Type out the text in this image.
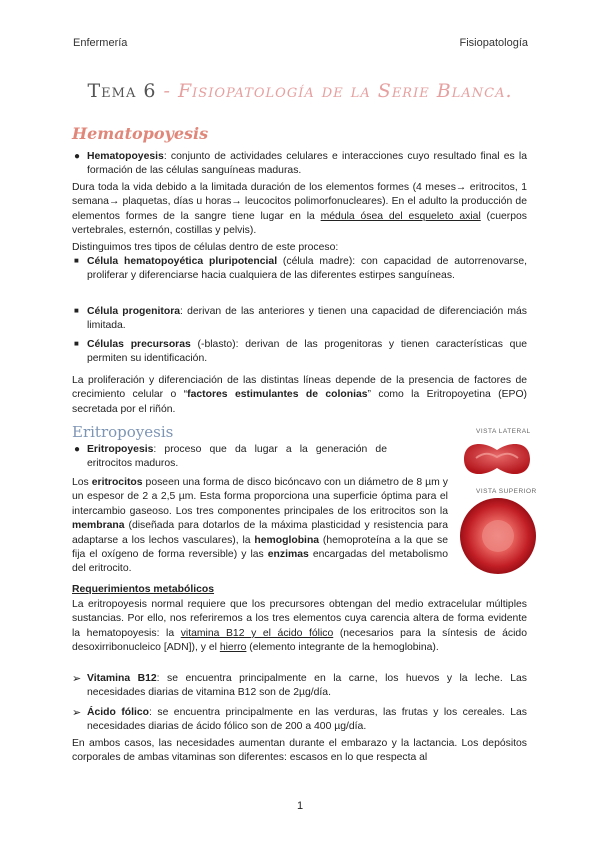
Enfermería	Fisiopatología
Tema 6 - Fisiopatología de la Serie Blanca.
Hematopoyesis
● Hematopoyesis: conjunto de actividades celulares e interacciones cuyo resultado final es la formación de las células sanguíneas maduras.
Dura toda la vida debido a la limitada duración de los elementos formes (4 meses→ eritrocitos, 1 semana→ plaquetas, días u horas→ leucocitos polimorfonucleares). En el adulto la producción de elementos formes de la sangre tiene lugar en la médula ósea del esqueleto axial (cuerpos vertebrales, esternón, costillas y pelvis).
Distinguimos tres tipos de células dentro de este proceso:
■ Célula hematopoyética pluripotencial (célula madre): con capacidad de autorrenovarse, proliferar y diferenciarse hacia cualquiera de las diferentes estirpes sanguíneas.
■ Célula progenitora: derivan de las anteriores y tienen una capacidad de diferenciación más limitada.
■ Células precursoras (-blasto): derivan de las progenitoras y tienen características que permiten su identificación.
La proliferación y diferenciación de las distintas líneas depende de la presencia de factores de crecimiento celular o “factores estimulantes de colonias” como la Eritropoyetina (EPO) secretada por el riñón.
Eritropoyesis
● Eritropoyesis: proceso que da lugar a la generación de eritrocitos maduros.
Los eritrocitos poseen una forma de disco bicóncavo con un diámetro de 8 µm y un espesor de 2 a 2,5 µm. Esta forma proporciona una superficie óptima para el intercambio gaseoso. Los tres componentes principales de los eritrocitos son la membrana (diseñada para dotarlos de la máxima plasticidad y resistencia para adaptarse a los lechos vasculares), la hemoglobina (hemoproteína a la que se fija el oxígeno de forma reversible) y las enzimas encargadas del metabolismo del eritrocito.
VISTA LATERAL
VISTA SUPERIOR
Requerimientos metabólicos
La eritropoyesis normal requiere que los precursores obtengan del medio extracelular múltiples sustancias. Por ello, nos referiremos a los tres elementos cuya carencia altera de forma evidente la hematopoyesis: la vitamina B12 y el ácido fólico (necesarios para la síntesis de ácido desoxirribonucleico [ADN]), y el hierro (elemento integrante de la hemoglobina).
➢ Vitamina B12: se encuentra principalmente en la carne, los huevos y la leche. Las necesidades diarias de vitamina B12 son de 2µg/día.
➢ Ácido fólico: se encuentra principalmente en las verduras, las frutas y los cereales. Las necesidades diarias de ácido fólico son de 200 a 400 µg/día.
En ambos casos, las necesidades aumentan durante el embarazo y la lactancia. Los depósitos corporales de ambas vitaminas son diferentes: escasos en lo que respecta al
1
